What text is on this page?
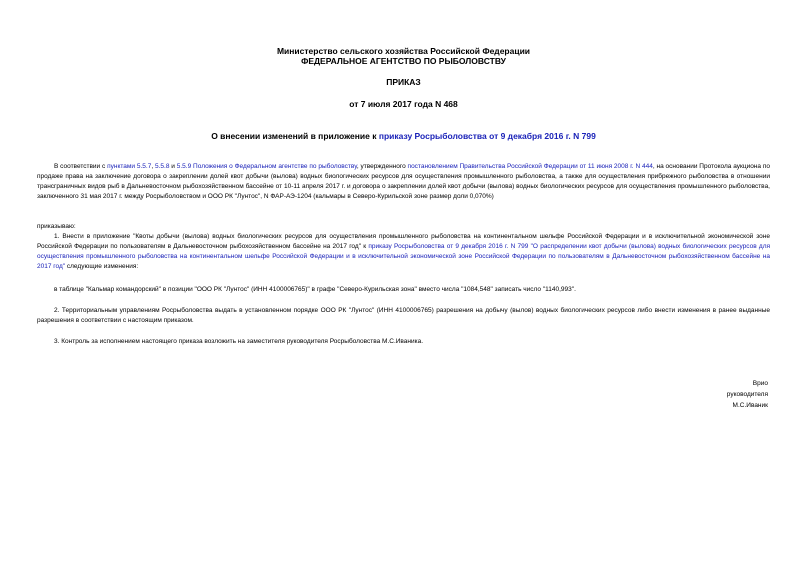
Министерство сельского хозяйства Российской Федерации
ФЕДЕРАЛЬНОЕ АГЕНТСТВО ПО РЫБОЛОВСТВУ
ПРИКАЗ
от 7 июля 2017 года N 468
О внесении изменений в приложение к приказу Росрыболовства от 9 декабря 2016 г. N 799

В соответствии с пунктами 5.5.7, 5.5.8 и 5.5.9 Положения о Федеральном агентстве по рыболовству, утвержденного постановлением Правительства Российской Федерации от 11 июня 2008 г. N 444, на основании Протокола аукциона по продаже права на заключение договора о закреплении долей квот добычи (вылова) водных биологических ресурсов для осуществления промышленного рыболовства, а также для осуществления прибрежного рыболовства в отношении трансграничных видов рыб в Дальневосточном рыбохозяйственном бассейне от 10-11 апреля 2017 г. и договора о закреплении долей квот добычи (вылова) водных биологических ресурсов для осуществления промышленного рыболовства, заключенного 31 мая 2017 г. между Росрыболовством и ООО РК "Лунтос", N ФАР-АЭ-1204 (кальмары в Северо-Курильской зоне размер доли 0,070%)

приказываю:

1. Внести в приложение "Квоты добычи (вылова) водных биологических ресурсов для осуществления промышленного рыболовства на континентальном шельфе Российской Федерации и в исключительной экономической зоне Российской Федерации по пользователям в Дальневосточном рыбохозяйственном бассейне на 2017 год" к приказу Росрыболовства от 9 декабря 2016 г. N 799 "О распределении квот добычи (вылова) водных биологических ресурсов для осуществления промышленного рыболовства на континентальном шельфе Российской Федерации и в исключительной экономической зоне Российской Федерации по пользователям в Дальневосточном рыбохозяйственном бассейне на 2017 год" следующие изменения:

в таблице "Кальмар командорский" в позиции "ООО РК "Лунтос" (ИНН 4100006765)" в графе "Северо-Курильская зона" вместо числа "1084,548" записать число "1140,993".

2. Территориальным управлениям Росрыболовства выдать в установленном порядке ООО РК "Лунтос" (ИНН 4100006765) разрешения на добычу (вылов) водных биологических ресурсов либо внести изменения в ранее выданные разрешения в соответствии с настоящим приказом.

3. Контроль за исполнением настоящего приказа возложить на заместителя руководителя Росрыболовства М.С.Иваника.

Врио
руководителя
М.С.Иваник
